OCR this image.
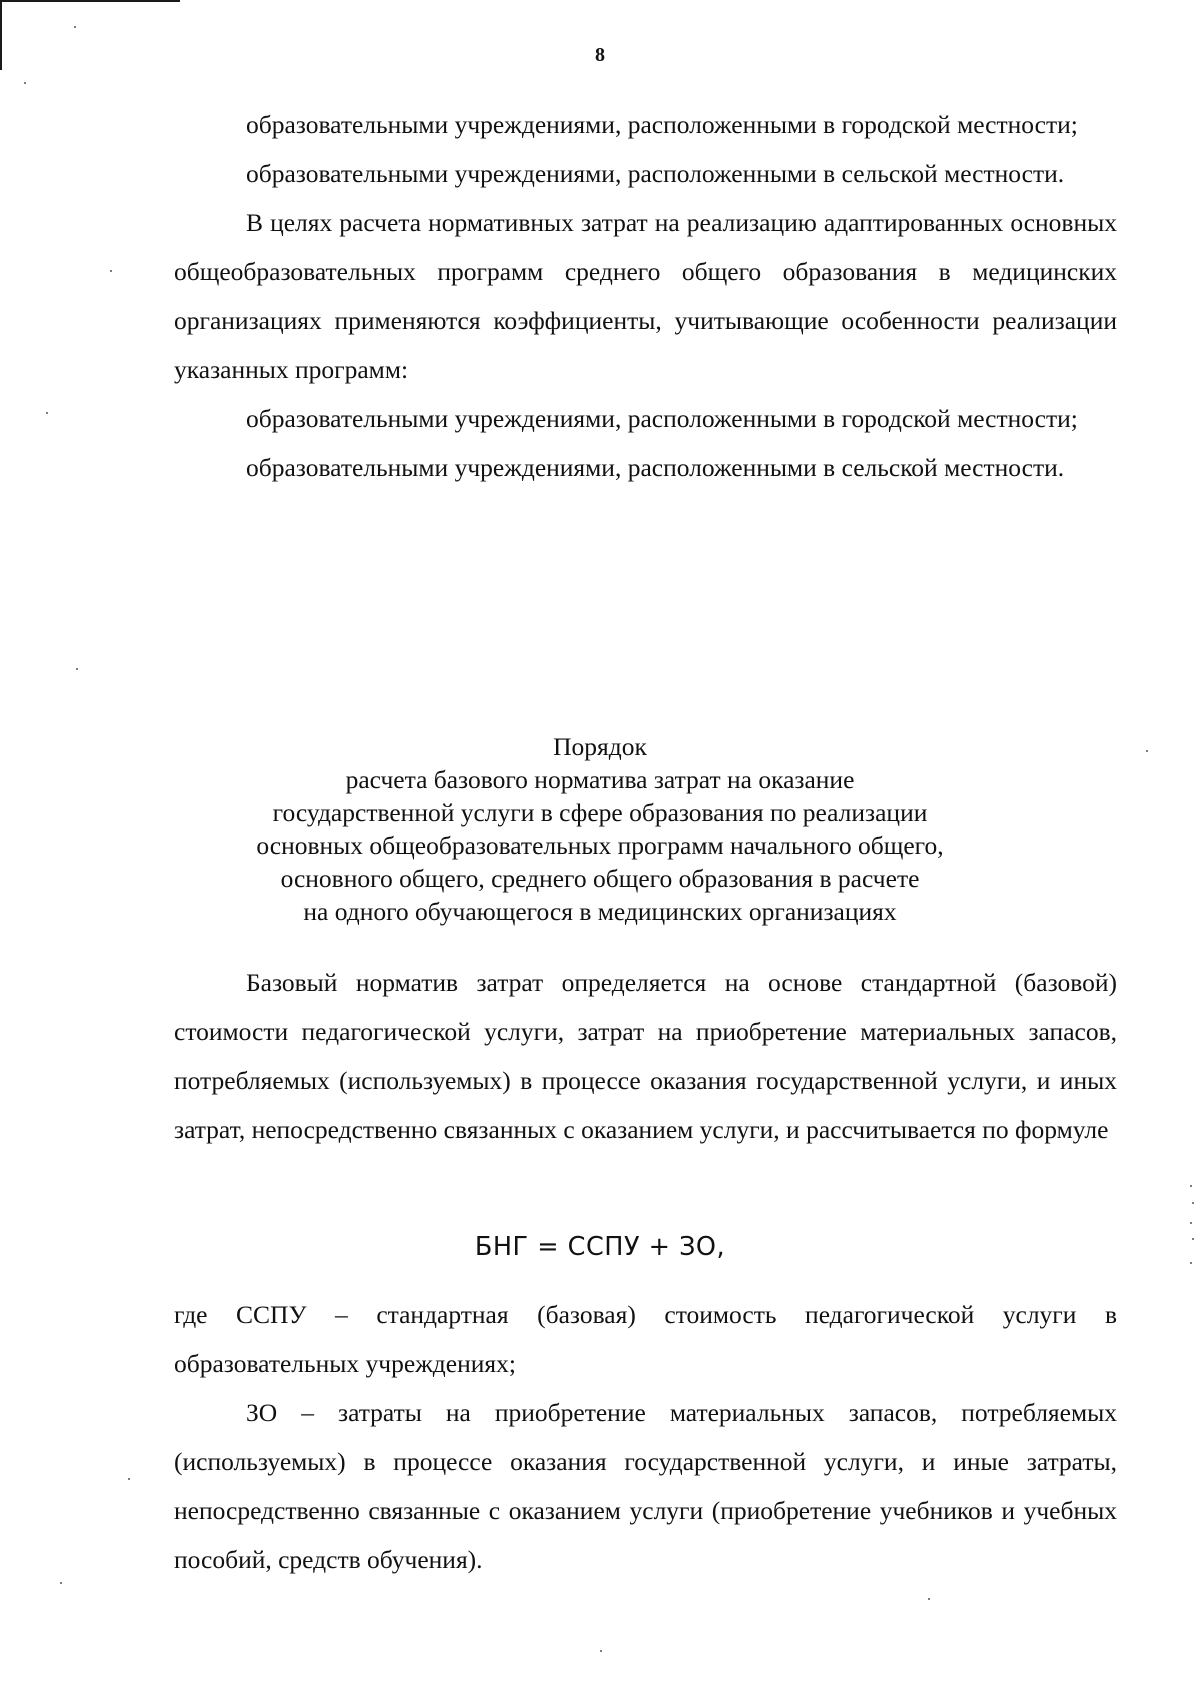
8

образовательными учреждениями, расположенными в городской местности;

образовательными учреждениями, расположенными в сельской местности.

В целях расчета нормативных затрат на реализацию адаптированных основных общеобразовательных программ среднего общего образования в медицинских организациях применяются коэффициенты, учитывающие особенности реализации указанных программ:

образовательными учреждениями, расположенными в городской местности;

образовательными учреждениями, расположенными в сельской местности.

Порядок
расчета базового норматива затрат на оказание
государственной услуги в сфере образования по реализации
основных общеобразовательных программ начального общего,
основного общего, среднего общего образования в расчете
на одного обучающегося в медицинских организациях

Базовый норматив затрат определяется на основе стандартной (базовой) стоимости педагогической услуги, затрат на приобретение материальных запасов, потребляемых (используемых) в процессе оказания государственной услуги, и иных затрат, непосредственно связанных с оказанием услуги, и рассчитывается по формуле

БНГ = ССПУ + ЗО,

где ССПУ – стандартная (базовая) стоимость педагогической услуги в образовательных учреждениях;

ЗО – затраты на приобретение материальных запасов, потребляемых (используемых) в процессе оказания государственной услуги, и иные затраты, непосредственно связанные с оказанием услуги (приобретение учебников и учебных пособий, средств обучения).
